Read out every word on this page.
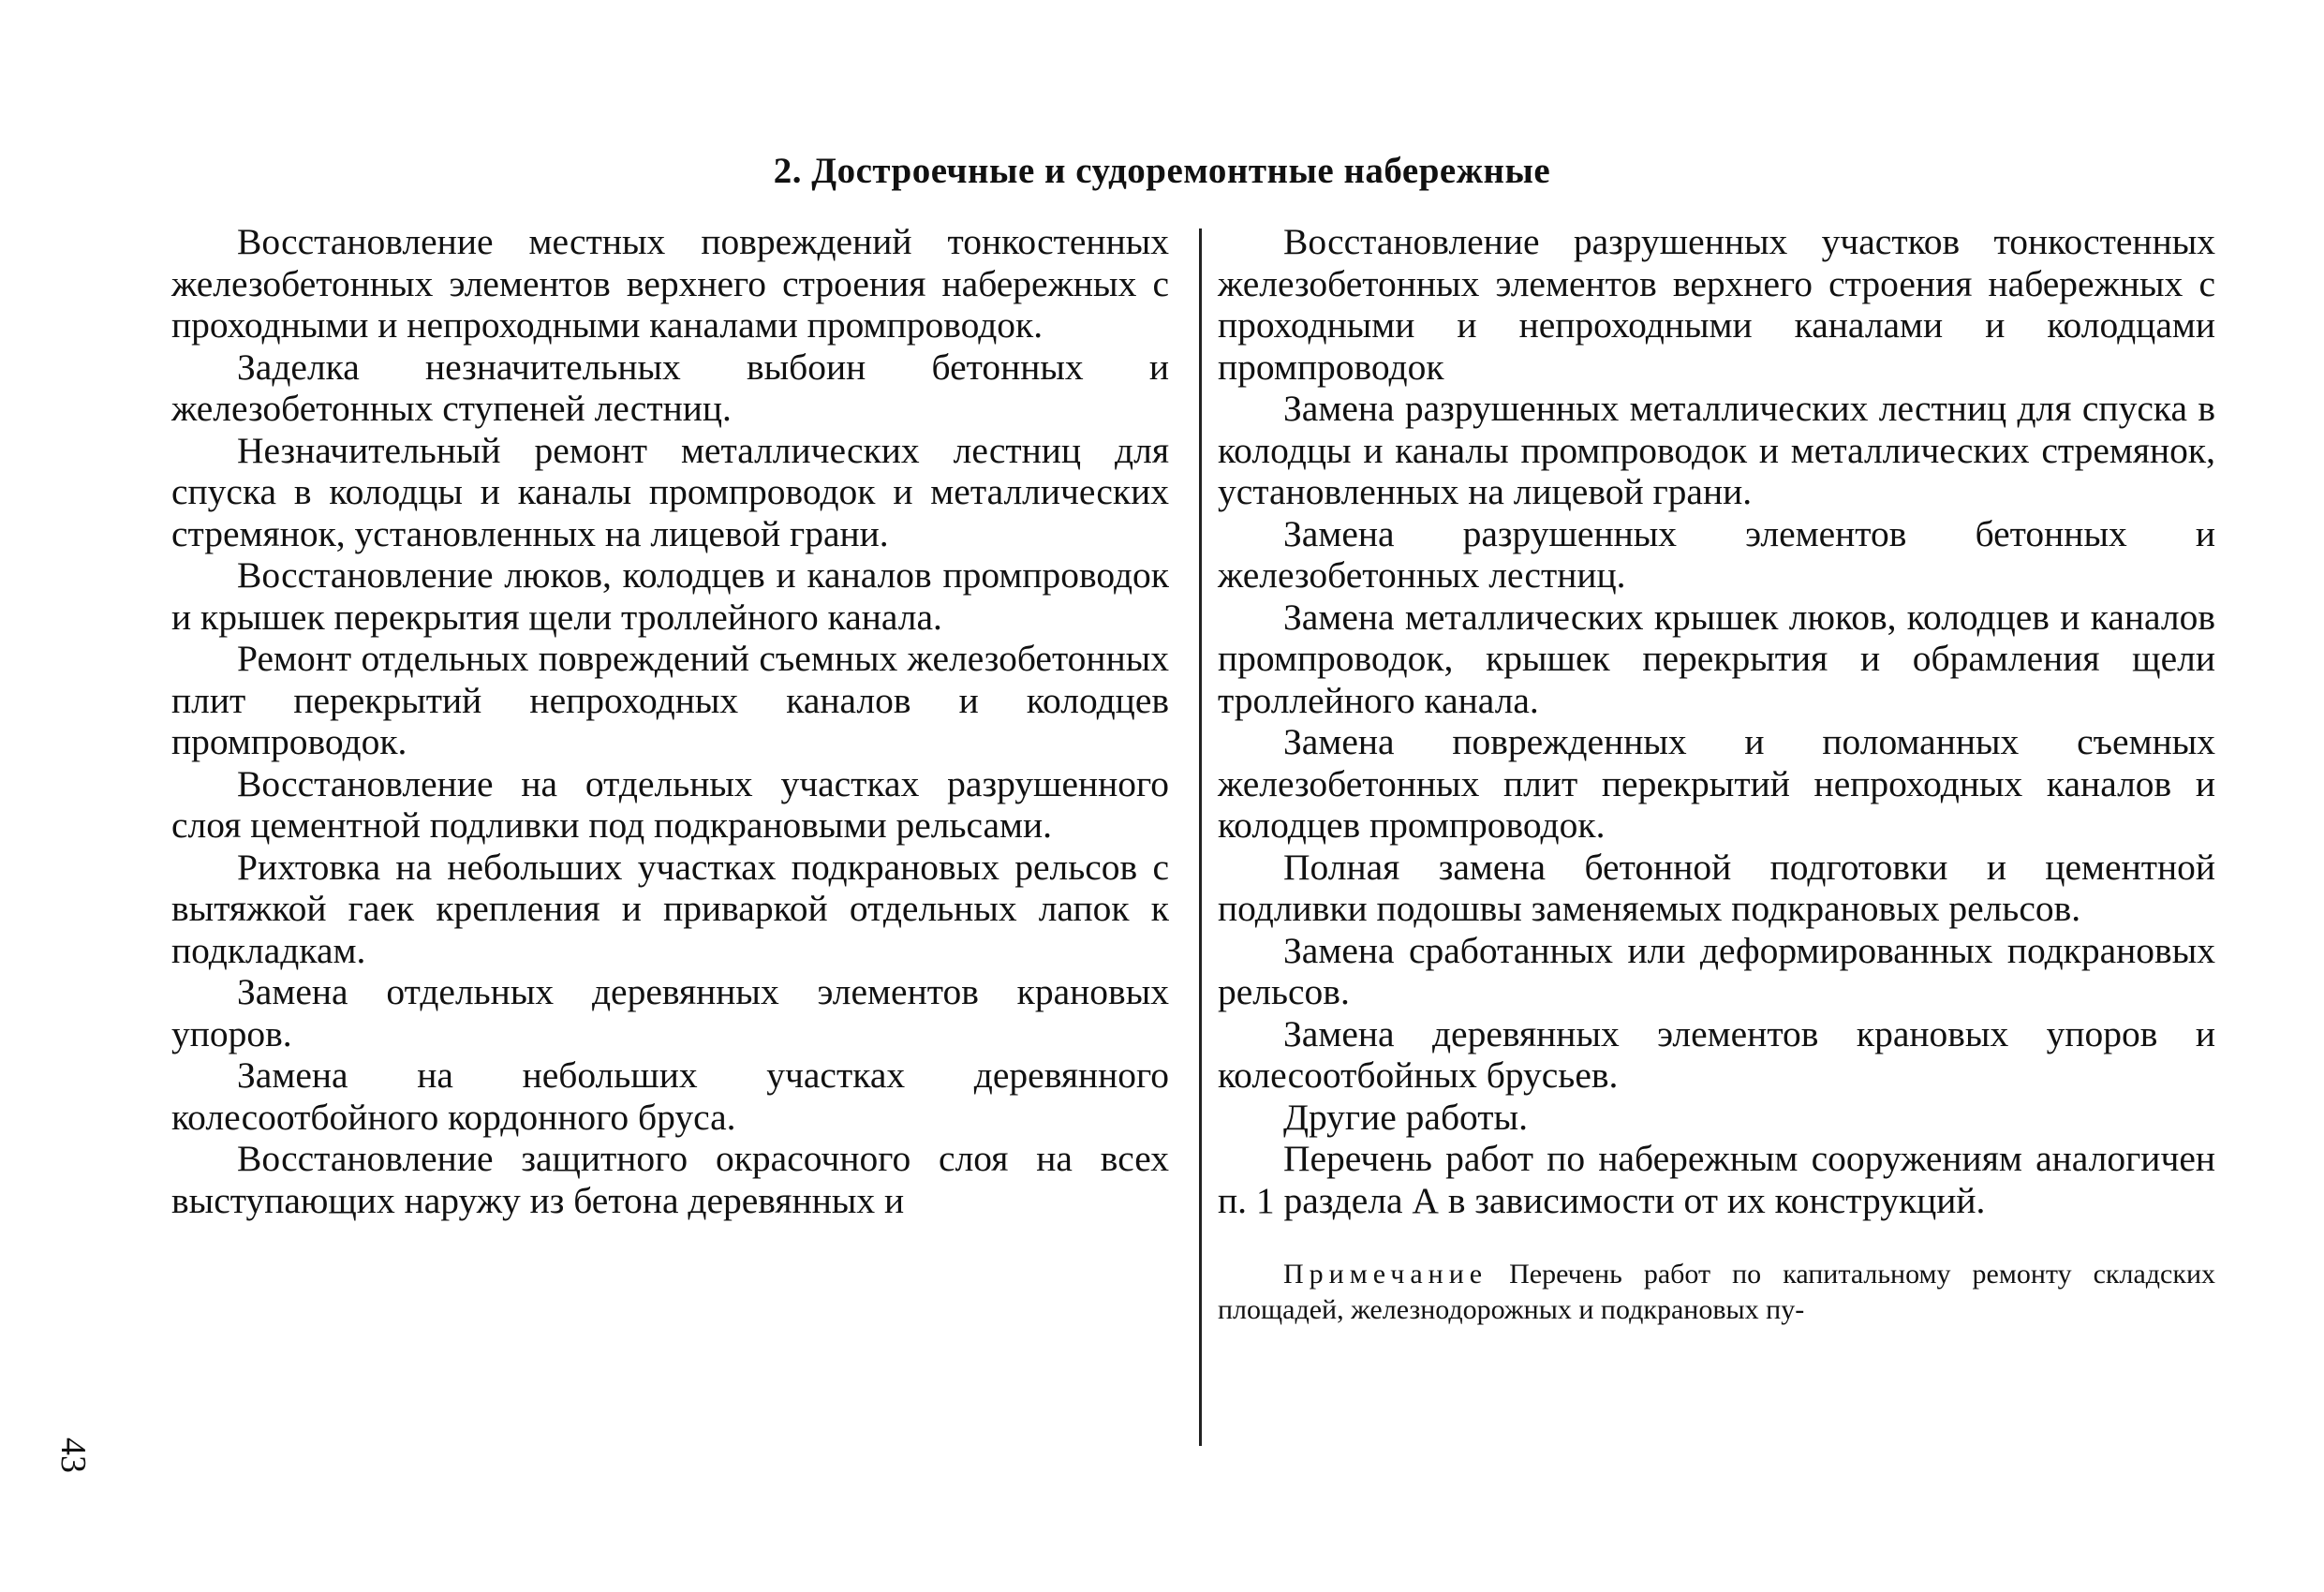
2. Достроечные и судоремонтные набережные

Восстановление местных повреждений тонкостенных железобетонных элементов верхнего строения набережных с проходными и непроходными каналами промпроводок.

Заделка незначительных выбоин бетонных и железобетонных ступеней лестниц.

Незначительный ремонт металлических лестниц для спуска в колодцы и каналы промпроводок и металлических стремянок, установленных на лицевой грани.

Восстановление люков, колодцев и каналов промпроводок и крышек перекрытия щели троллейного канала.

Ремонт отдельных повреждений съемных железобетонных плит перекрытий непроходных каналов и колодцев промпроводок.

Восстановление на отдельных участках разрушенного слоя цементной подливки под подкрановыми рельсами.

Рихтовка на небольших участках подкрановых рельсов с вытяжкой гаек крепления и приваркой отдельных лапок к подкладкам.

Замена отдельных деревянных элементов крановых упоров.

Замена на небольших участках деревянного колесоотбойного кордонного бруса.

Восстановление защитного окрасочного слоя на всех выступающих наружу из бетона деревянных и

Восстановление разрушенных участков тонкостенных железобетонных элементов верхнего строения набережных с проходными и непроходными каналами и колодцами промпроводок

Замена разрушенных металлических лестниц для спуска в колодцы и каналы промпроводок и металлических стремянок, установленных на лицевой грани.

Замена разрушенных элементов бетонных и железобетонных лестниц.

Замена металлических крышек люков, колодцев и каналов промпроводок, крышек перекрытия и обрамления щели троллейного канала.

Замена поврежденных и поломанных съемных железобетонных плит перекрытий непроходных каналов и колодцев промпроводок.

Полная замена бетонной подготовки и цементной подливки подошвы заменяемых подкрановых рельсов.

Замена сработанных или деформированных подкрановых рельсов.

Замена деревянных элементов крановых упоров и колесоотбойных брусьев.

Другие работы.

Перечень работ по набережным сооружениям аналогичен п. 1 раздела А в зависимости от их конструкций.

Примечание Перечень работ по капитальному ремонту складских площадей, железнодорожных и подкрановых пу-

43
